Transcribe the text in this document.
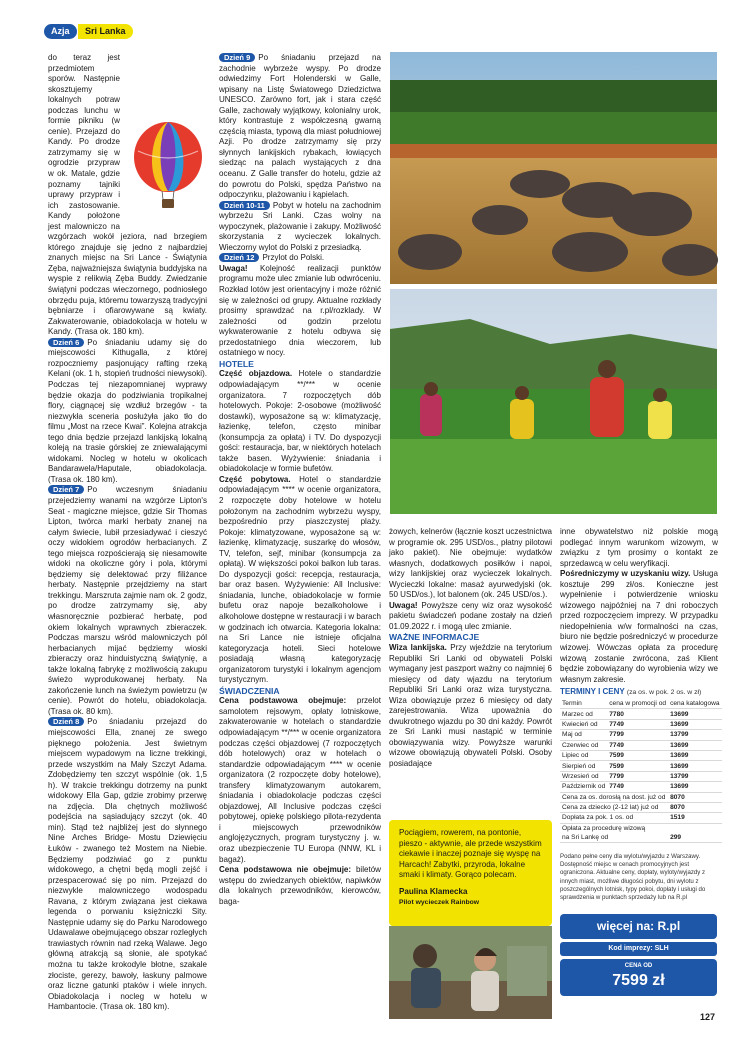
Azja	Sri Lanka

do teraz jest przedmiotem sporów. Następnie skosztujemy lokalnych potraw podczas lunchu w formie pikniku (w cenie). Przejazd do Kandy. Po drodze zatrzymamy się w ogrodzie przypraw w ok. Matale, gdzie poznamy tajniki uprawy przypraw i ich zastosowanie. Kandy położone jest malowniczo na wzgórzach wokół jeziora, nad brzegiem którego znajduje się jedno z najbardziej znanych miejsc na Sri Lance - Świątynia Zęba, najważniejsza świątynia buddyjska na wyspie z relikwią Zęba Buddy. Zwiedzanie świątyni podczas wieczornego, podniosłego obrzędu puja, któremu towarzyszą tradycyjni bębniarze i ofiarowywane są kwiaty. Zakwaterowanie, obiadokolacja w hotelu w Kandy. (Trasa ok. 180 km).

Dzień 6 Po śniadaniu udamy się do miejscowości Kithugalla, z której rozpoczniemy pasjonujący rafting rzeką Kelani (ok. 1 h, stopień trudności niewysoki). Podczas tej niezapomnianej wyprawy będzie okazja do podziwiania tropikalnej flory, ciągnącej się wzdłuż brzegów - ta niezwykła sceneria posłużyła jako tło do filmu „Most na rzece Kwai”. Kolejna atrakcja tego dnia będzie przejazd lankijską lokalną koleją na trasie górskiej ze zniewalającymi widokami. Nocleg w hotelu w okolicach Bandarawela/Haputale, obiadokolacja. (Trasa ok. 180 km).

Dzień 7 Po wczesnym śniadaniu przejedziemy wanami na wzgórze Lipton's Seat - magiczne miejsce, gdzie Sir Thomas Lipton, twórca marki herbaty znanej na całym świecie, lubił przesiadywać i cieszyć oczy widokiem ogrodów herbacianych. Z tego miejsca rozpościerają się niesamowite widoki na okoliczne góry i pola, którymi będziemy się delektować przy filiżance herbaty. Następnie przejdziemy na start trekkingu. Marszruta zajmie nam ok. 2 godz, po drodze zatrzymamy się, aby własnoręcznie pozbierać herbatę, pod okiem lokalnych wprawnych zbieraczek. Podczas marszu wśród malowniczych pól herbacianych mijać będziemy wioski zbieraczy oraz hinduistyczną świątynię, a także lokalną fabrykę z możliwością zakupu świeżo wyprodukowanej herbaty. Na zakończenie lunch na świeżym powietrzu (w cenie). Powrót do hotelu, obiadokolacja. (Trasa ok. 80 km).

Dzień 8 Po śniadaniu przejazd do miejscowości Ella, znanej ze swego pięknego położenia. Jest świetnym miejscem wypadowym na liczne trekkingi, przede wszystkim na Mały Szczyt Adama. Zdobędziemy ten szczyt wspólnie (ok. 1,5 h). W trakcie trekkingu dotrzemy na punkt widokowy Ella Gap, gdzie zrobimy przerwę na zdjęcia. Dla chętnych możliwość podejścia na sąsiadujący szczyt (ok. 40 min). Stąd też najbliżej jest do słynnego Nine Arches Bridge- Mostu Dziewięciu Łuków - zwanego też Mostem na Niebie. Będziemy podziwiać go z punktu widokowego, a chętni będą mogli zejść i przespacerować się po nim. Przejazd do niezwykle malowniczego wodospadu Ravana, z którym związana jest ciekawa legenda o porwaniu księżniczki Sity. Następnie udamy się do Parku Narodowego Udawalawe obejmującego obszar rozległych trawiastych równin nad rzeką Walawe. Jego główną atrakcją są słonie, ale spotykać można tu także krokodyle błotne, szakale złociste, gerezy, bawoły, łaskuny palmowe oraz liczne gatunki ptaków i wiele innych. Obiadokolacja i nocleg w hotelu w Hambantocie. (Trasa ok. 180 km).

Dzień 9 Po śniadaniu przejazd na zachodnie wybrzeże wyspy. Po drodze odwiedzimy Fort Holenderski w Galle, wpisany na Listę Światowego Dziedzictwa UNESCO. Zarówno fort, jak i stara część Galle, zachowały wyjątkowy, kolonialny urok, który kontrastuje z współczesną gwarną częścią miasta, typową dla miast południowej Azji. Po drodze zatrzymamy się przy słynnych lankijskich rybakach, łowiących siedząc na palach wystających z dna oceanu. Z Galle transfer do hotelu, gdzie aż do powrotu do Polski, spędza Państwo na odpoczynku, plażowaniu i kąpielach.

Dzień 10-11 Pobyt w hotelu na zachodnim wybrzeżu Sri Lanki. Czas wolny na wypoczynek, plażowanie i zakupy. Możliwość skorzystania z wycieczek lokalnych. Wieczorny wylot do Polski z przesiadką.

Dzień 12 Przylot do Polski.

Uwaga! Kolejność realizacji punktów programu może ulec zmianie lub odwróceniu. Rozkład lotów jest orientacyjny i może różnić się w zależności od grupy. Aktualne rozkłady prosimy sprawdzać na r.pl/rozklady. W zależności od godzin przelotu wykwaterowanie z hotelu odbywa się przedostatniego dnia wieczorem, lub ostatniego w nocy.

HOTELE

Część objazdowa. Hotele o standardzie odpowiadającym **/*** w ocenie organizatora. 7 rozpoczętych dób hotelowych. Pokoje: 2-osobowe (możliwość dostawki), wyposażone są w: klimatyzację, łazienkę, telefon, często minibar (konsumpcja za opłatą) i TV. Do dyspozycji gości: restauracja, bar, w niektórych hotelach także basen. Wyżywienie: śniadania i obiadokolacje w formie bufetów.

Część pobytowa. Hotel o standardzie odpowiadającym **** w ocenie organizatora, 2 rozpoczęte doby hotelowe w hotelu położonym na zachodnim wybrzeżu wyspy, bezpośrednio przy piaszczystej plaży. Pokoje: klimatyzowane, wyposażone są w: łazienkę, klimatyzację, suszarkę do włosów, TV, telefon, sejf, minibar (konsumpcja za opłatą). W większości pokoi balkon lub taras. Do dyspozycji gości: recepcja, restauracja, bar oraz basen. Wyżywienie: All Inclusive: śniadania, lunche, obiadokolacje w formie bufetu oraz napoje bezalkoholowe i alkoholowe dostępne w restauracji i w barach w godzinach ich otwarcia. Kategoria lokalna: na Sri Lance nie istnieje oficjalna kategoryzacja hoteli. Sieci hotelowe posiadają własną kategoryzację organizatorom turystyki i lokalnym agencjom turystycznym.

ŚWIADCZENIA

Cena podstawowa obejmuje: przelot samolotem rejsowym, opłaty lotniskowe, zakwaterowanie w hotelach o standardzie odpowiadającym **/*** w ocenie organizatora podczas części objazdowej (7 rozpoczętych dób hotelowych) oraz w hotelach o standardzie odpowiadającym **** w ocenie organizatora (2 rozpoczęte doby hotelowe), transfery klimatyzowanym autokarem, śniadania i obiadokolacje podczas części objazdowej, All Inclusive podczas części pobytowej, opiekę polskiego pilota-rezydenta i miejscowych przewodników anglojęzycznych, program turystyczny j. w. oraz ubezpieczenie TU Europa (NNW, KL i bagaż).

Cena podstawowa nie obejmuje: biletów wstępu do zwiedzanych obiektów, napiwków dla lokalnych przewodników, kierowców, baga-

żowych, kelnerów (łącznie koszt uczestnictwa w programie ok. 295 USD/os., płatny pilotowi jako pakiet). Nie obejmuje: wydatków własnych, dodatkowych posiłków i napoi, wizy lankijskiej oraz wycieczek lokalnych. Wycieczki lokalne: masaż ayurwedyjski (ok. 50 USD/os.), lot balonem (ok. 245 USD/os.).

Uwaga! Powyższe ceny wiz oraz wysokość pakietu świadczeń podane zostały na dzień 01.09.2022 r. i mogą ulec zmianie.

WAŻNE INFORMACJE

Wiza lankijska. Przy wjeździe na terytorium Republiki Sri Lanki od obywateli Polski wymagany jest paszport ważny co najmniej 6 miesięcy od daty wjazdu na terytorium Republiki Sri Lanki oraz wiza turystyczna. Wiza obowiązuje przez 6 miesięcy od daty zarejestrowania. Wiza upoważnia do dwukrotnego wjazdu po 30 dni każdy. Powrót ze Sri Lanki musi nastąpić w terminie obowiązywania wizy. Powyższe warunki wizowe obowiązują obywateli Polski. Osoby posiadające

Pociągiem, rowerem, na pontonie, pieszo - aktywnie, ale przede wszystkim ciekawie i inaczej poznaje się wyspę na Harcach! Zabytki, przyroda, lokalne smaki i klimaty. Gorąco polecam.
Paulina Klamecka
Pilot wycieczek Rainbow

inne obywatelstwo niż polskie mogą podlegać innym warunkom wizowym, w związku z tym prosimy o kontakt ze sprzedawcą w celu weryfikacji.

Pośredniczymy w uzyskaniu wizy. Usługa kosztuje 299 zł/os. Konieczne jest wypełnienie i potwierdzenie wniosku wizowego najpóźniej na 7 dni roboczych przed rozpoczęciem imprezy. W przypadku niedopełnienia w/w formalności na czas, biuro nie będzie pośredniczyć w procedurze wizowej. Wówczas opłata za procedurę wizową zostanie zwrócona, zaś Klient będzie zobowiązany do wyrobienia wizy we własnym zakresie.

TERMINY I CENY (za os. w pok. 2 os. w zł)
Termin	cena w promocji od	cena katalogowa
Marzec od	7780	13699
Kwiecień od	7749	13699
Maj od	7799	13799
Czerwiec od	7749	13699
Lipiec od	7599	13699
Sierpień od	7599	13699
Wrzesień od	7799	13799
Październik od	7749	13699
Cena za os. dorosłą na dost. już od		8070
Cena za dziecko (2-12 lat) już od		8070
Dopłata za pok. 1 os. od		1519
Opłata za procedurę wizową		
na Sri Lankę od		299
Podano pełne ceny dla wylotu/wyjazdu z Warszawy. Dostępność miejsc w cenach promocyjnych jest ograniczona. Aktualne ceny, dopłaty, wyloty/wyjazdy z innych miast, możliwe długości pobytu, dni wylotu z poszczególnych lotnisk, typy pokoi, dopłaty i usługi do sprawdzenia w punktach sprzedaży lub na R.pl
więcej na: R.pl
Kod imprezy: SLH
CENA OD
7599 zł
127
